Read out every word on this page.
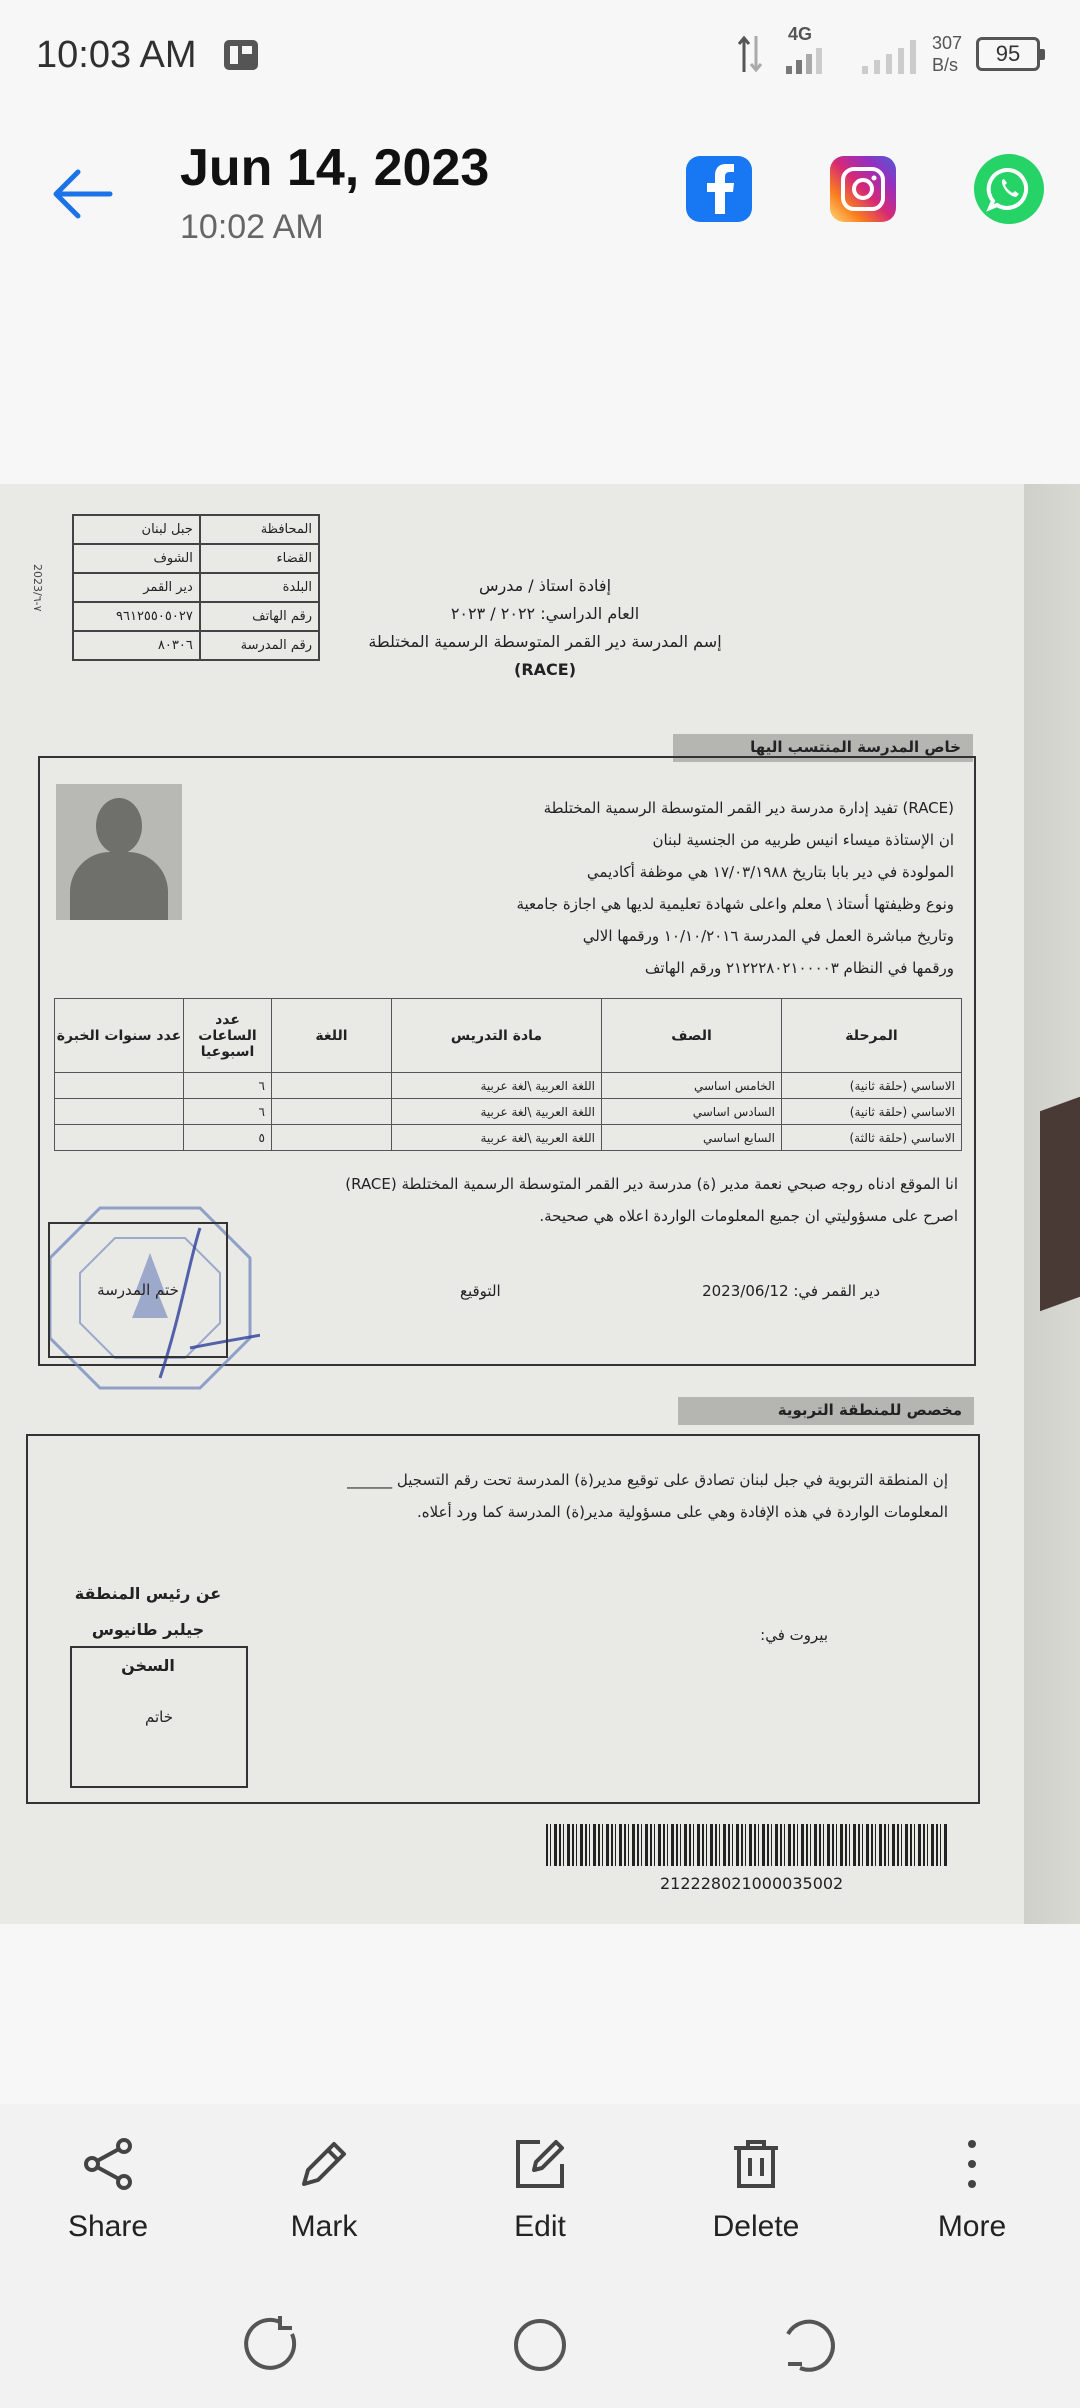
10:03 AM	4G	307
B/s 95
Jun 14, 2023
10:02 AM
جبل لبنان	المحافظة
الشوف	القضاء
دير القمر	البلدة
٩٦١٢٥٥٠٥٠٢٧	رقم الهاتف
٨٠٣٠٦	رقم المدرسة
2023/٧-٦
إفادة استاذ / مدرس
العام الدراسي: ٢٠٢٢ / ٢٠٢٣
إسم المدرسة دير القمر المتوسطة الرسمية المختلطة
(RACE)
خاص المدرسة المنتسب اليها
(RACE) تفيد إدارة مدرسة دير القمر المتوسطة الرسمية المختلطة
ان الإستاذة ميساء انيس طربيه من الجنسية لبنان
المولودة في دير بابا بتاريخ ١٧/٠٣/١٩٨٨ هي موظفة أكاديمي
ونوع وظيفتها أستاذ \ معلم واعلى شهادة تعليمية لديها هي اجازة جامعية
وتاريخ مباشرة العمل في المدرسة ١٠/١٠/٢٠١٦ ورقمها الالي
ورقمها في النظام ٢١٢٢٢٨٠٢١٠٠٠٠٣ ورقم الهاتف
المرحلة	الصف	مادة التدريس	اللغة	عدد الساعات اسبوعيا	عدد سنوات الخبرة
الاساسي (حلقة ثانية)	الخامس اساسي	اللغة العربية \لغة عربية		٦	
الاساسي (حلقة ثانية)	السادس اساسي	اللغة العربية \لغة عربية		٦	
الاساسي (حلقة ثالثة)	السابع اساسي	اللغة العربية \لغة عربية		٥	
انا الموقع ادناه روجه صبحي نعمة مدير (ة) مدرسة دير القمر المتوسطة الرسمية المختلطة (RACE)
اصرح على مسؤوليتي ان جميع المعلومات الواردة اعلاه هي صحيحة.
دير القمر في: 2023/06/12
التوقيع
ختم المدرسة
مخصص للمنطقة التربوية
إن المنطقة التربوية في جبل لبنان تصادق على توقيع مدير(ة) المدرسة تحت رقم التسجيل ______
المعلومات الواردة في هذه الإفادة وهي على مسؤولية مدير(ة) المدرسة كما ورد أعلاه.
عن رئيس المنطقة
جيلبر طانيوس السخن
خاتم
بيروت في:
212228021000035002
Share	Mark	Edit	Delete	More
